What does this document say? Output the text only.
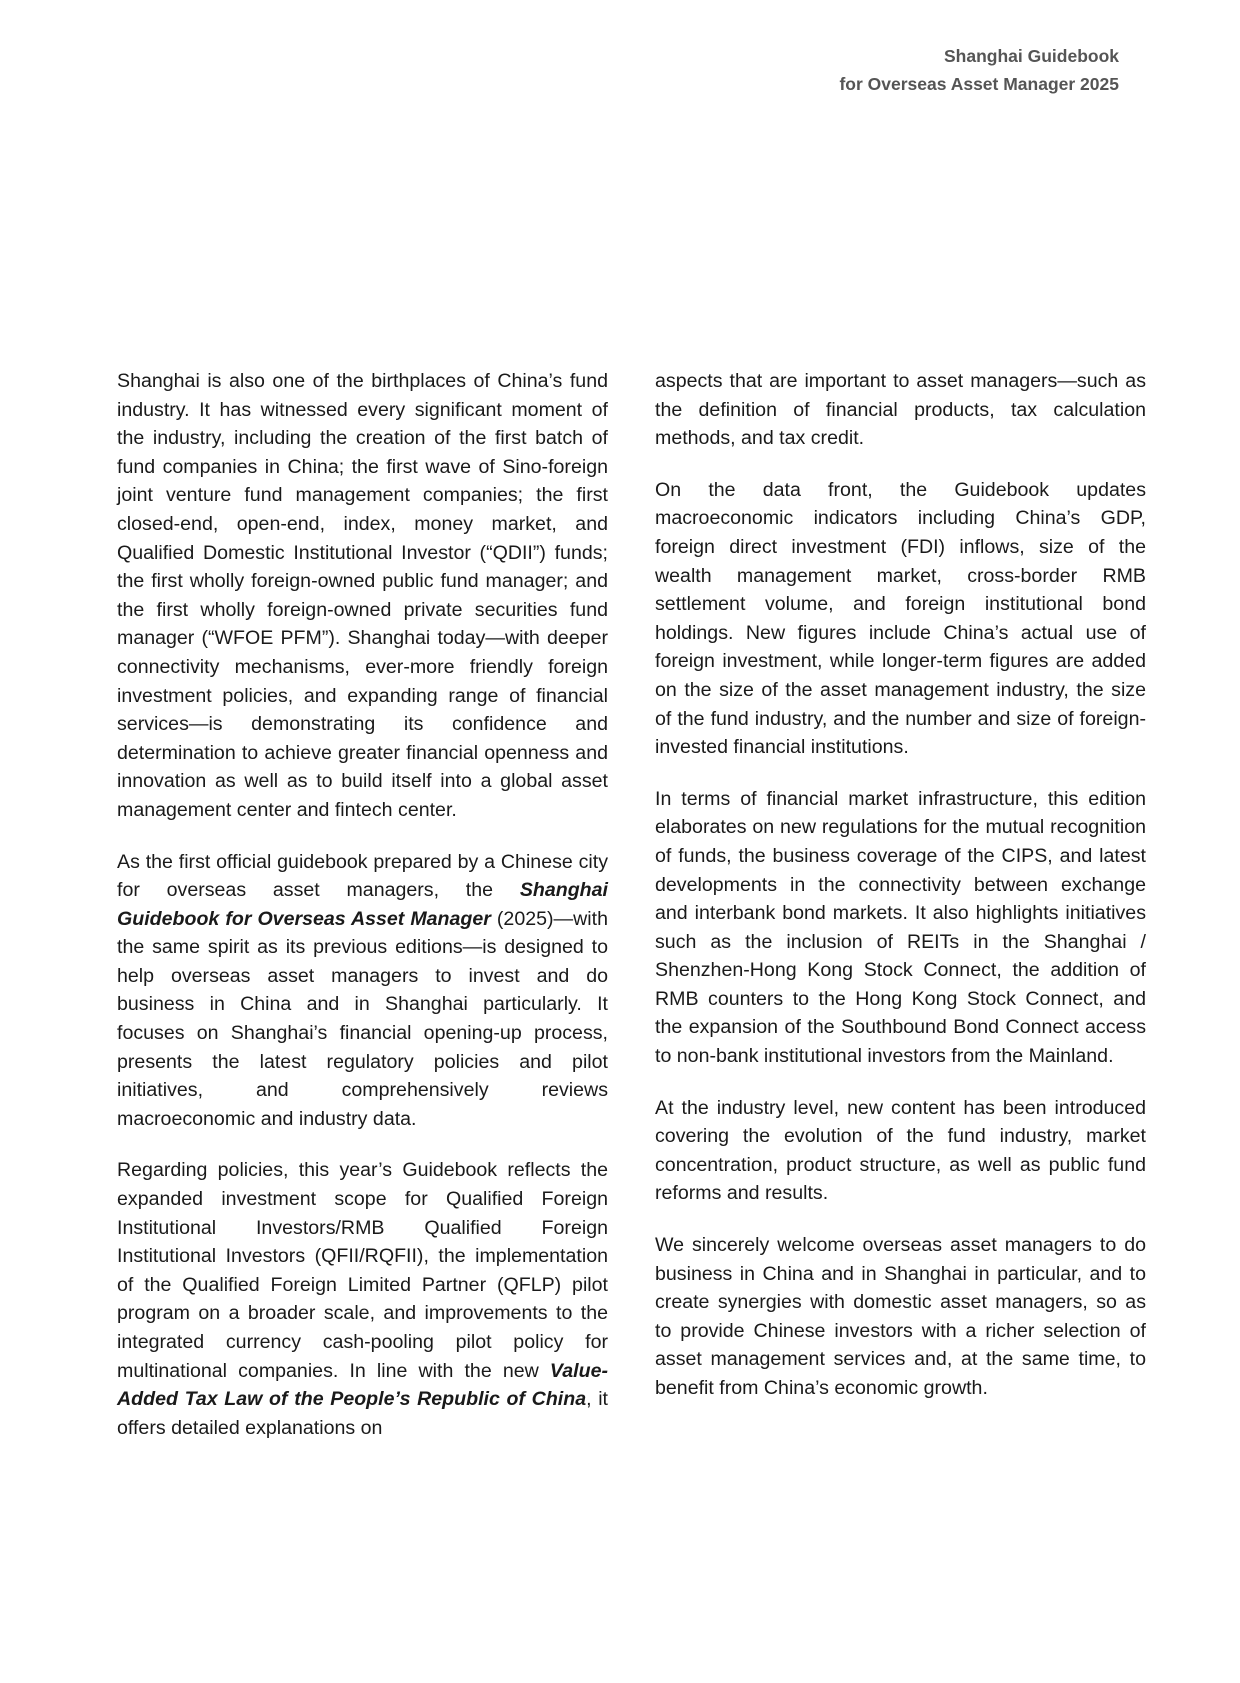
Shanghai Guidebook
for Overseas Asset Manager 2025

Shanghai is also one of the birthplaces of China’s fund industry. It has witnessed every significant moment of the industry, including the creation of the first batch of fund companies in China; the first wave of Sino-foreign joint venture fund management companies; the first closed-end, open-end, index, money market, and Qualified Domestic Institutional Investor (“QDII”) funds; the first wholly foreign-owned public fund manager; and the first wholly foreign-owned private securities fund manager (“WFOE PFM”). Shanghai today—with deeper connectivity mechanisms, ever-more friendly foreign investment policies, and expanding range of financial services—is demonstrating its confidence and determination to achieve greater financial openness and innovation as well as to build itself into a global asset management center and fintech center.

As the first official guidebook prepared by a Chinese city for overseas asset managers, the Shanghai Guidebook for Overseas Asset Manager (2025)—with the same spirit as its previous editions—is designed to help overseas asset managers to invest and do business in China and in Shanghai particularly. It focuses on Shanghai’s financial opening-up process, presents the latest regulatory policies and pilot initiatives, and comprehensively reviews macroeconomic and industry data.

Regarding policies, this year’s Guidebook reflects the expanded investment scope for Qualified Foreign Institutional Investors/RMB Qualified Foreign Institutional Investors (QFII/RQFII), the implementation of the Qualified Foreign Limited Partner (QFLP) pilot program on a broader scale, and improvements to the integrated currency cash-pooling pilot policy for multinational companies. In line with the new Value-Added Tax Law of the People’s Republic of China, it offers detailed explanations on

aspects that are important to asset managers—such as the definition of financial products, tax calculation methods, and tax credit.

On the data front, the Guidebook updates macroeconomic indicators including China’s GDP, foreign direct investment (FDI) inflows, size of the wealth management market, cross-border RMB settlement volume, and foreign institutional bond holdings. New figures include China’s actual use of foreign investment, while longer-term figures are added on the size of the asset management industry, the size of the fund industry, and the number and size of foreign-invested financial institutions.

In terms of financial market infrastructure, this edition elaborates on new regulations for the mutual recognition of funds, the business coverage of the CIPS, and latest developments in the connectivity between exchange and interbank bond markets. It also highlights initiatives such as the inclusion of REITs in the Shanghai / Shenzhen-Hong Kong Stock Connect, the addition of RMB counters to the Hong Kong Stock Connect, and the expansion of the Southbound Bond Connect access to non-bank institutional investors from the Mainland.

At the industry level, new content has been introduced covering the evolution of the fund industry, market concentration, product structure, as well as public fund reforms and results.

We sincerely welcome overseas asset managers to do business in China and in Shanghai in particular, and to create synergies with domestic asset managers, so as to provide Chinese investors with a richer selection of asset management services and, at the same time, to benefit from China’s economic growth.
